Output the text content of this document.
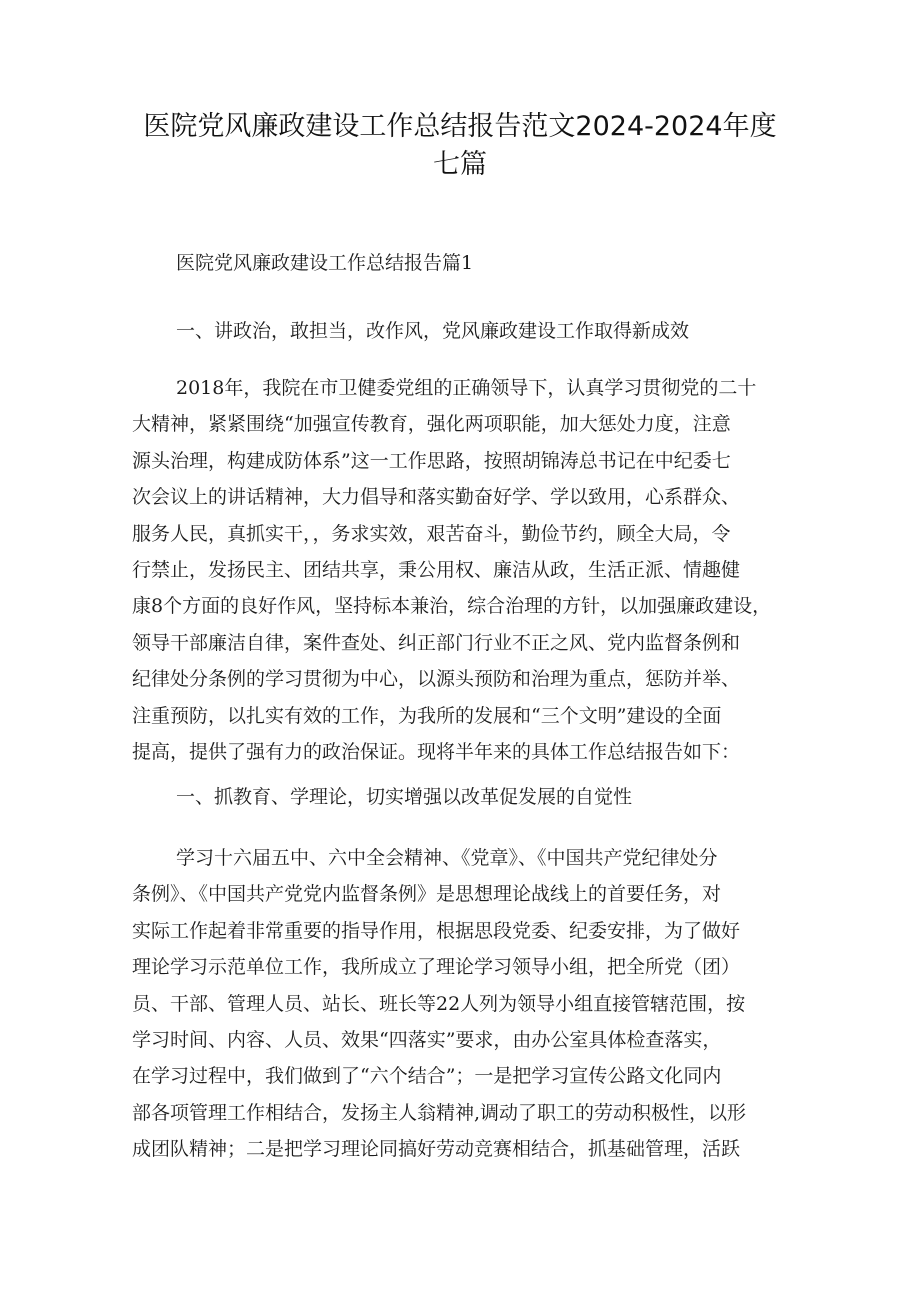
医院党风廉政建设工作总结报告范文2024-2024年度
七篇
医院党风廉政建设工作总结报告篇1
一、讲政治，敢担当，改作风，党风廉政建设工作取得新成效
2018年，我院在市卫健委党组的正确领导下，认真学习贯彻党的二十
大精神，紧紧围绕“加强宣传教育，强化两项职能，加大惩处力度，注意
源头治理，构建成防体系”这一工作思路，按照胡锦涛总书记在中纪委七
次会议上的讲话精神，大力倡导和落实勤奋好学、学以致用，心系群众、
服务人民，真抓实干，，务求实效，艰苦奋斗，勤俭节约，顾全大局，令
行禁止，发扬民主、团结共享，秉公用权、廉洁从政，生活正派、情趣健
康8个方面的良好作风，坚持标本兼治，综合治理的方针，以加强廉政建设，
领导干部廉洁自律，案件查处、纠正部门行业不正之风、党内监督条例和
纪律处分条例的学习贯彻为中心，以源头预防和治理为重点，惩防并举、
注重预防，以扎实有效的工作，为我所的发展和“三个文明”建设的全面
提高，提供了强有力的政治保证。现将半年来的具体工作总结报告如下：
一、抓教育、学理论，切实增强以改革促发展的自觉性
学习十六届五中、六中全会精神、《党章》、《中国共产党纪律处分
条例》、《中国共产党党内监督条例》是思想理论战线上的首要任务，对
实际工作起着非常重要的指导作用，根据思段党委、纪委安排，为了做好
理论学习示范单位工作，我所成立了理论学习领导小组，把全所党（团）
员、干部、管理人员、站长、班长等22人列为领导小组直接管辖范围，按
学习时间、内容、人员、效果“四落实”要求，由办公室具体检查落实，
在学习过程中，我们做到了“六个结合”；一是把学习宣传公路文化同内
部各项管理工作相结合，发扬主人翁精神,调动了职工的劳动积极性，以形
成团队精神；二是把学习理论同搞好劳动竞赛相结合，抓基础管理，活跃
